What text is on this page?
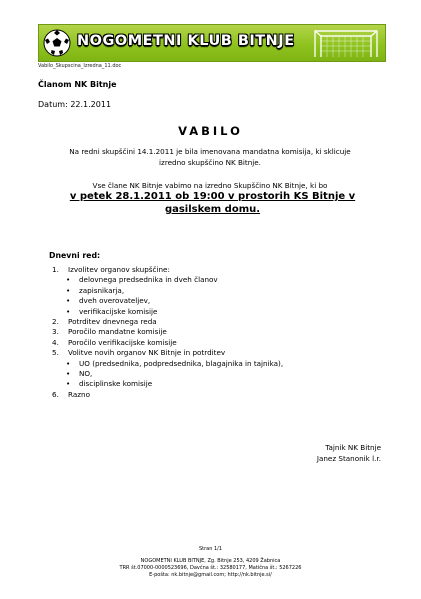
NOGOMETNI KLUB BITNJE
Vabilo_Skupscina_Izredna_11.doc
Članom NK Bitnje
Datum: 22.1.2011
VABILO
Na redni skupščini 14.1.2011 je bila imenovana mandatna komisija, ki sklicuje
izredno skupščino NK Bitnje.
Vse člane NK Bitnje vabimo na izredno Skupščino NK Bitnje, ki bo
v petek 28.1.2011 ob 19:00 v prostorih KS Bitnje v
gasilskem domu.
Dnevni red:
1. Izvolitev organov skupščine:
• delovnega predsednika in dveh članov
• zapisnikarja,
• dveh overovateljev,
• verifikacijske komisije
2. Potrditev dnevnega reda
3. Poročilo mandatne komisije
4. Poročilo verifikacijske komisije
5. Volitve novih organov NK Bitnje in potrditev
• UO (predsednika, podpredsednika, blagajnika in tajnika),
• NO,
• disciplinske komisije
6. Razno
Tajnik NK Bitnje
Janez Stanonik l.r.
Stran 1/1
NOGOMETNI KLUB BITNJE, Zg. Bitnje 253, 4209 Žabnica
TRR št.07000-0000523696, Davčna št.: 32580177, Matična št.: 5267226
E-pošta: nk.bitnje@gmail.com; http://nk.bitnje.si/
